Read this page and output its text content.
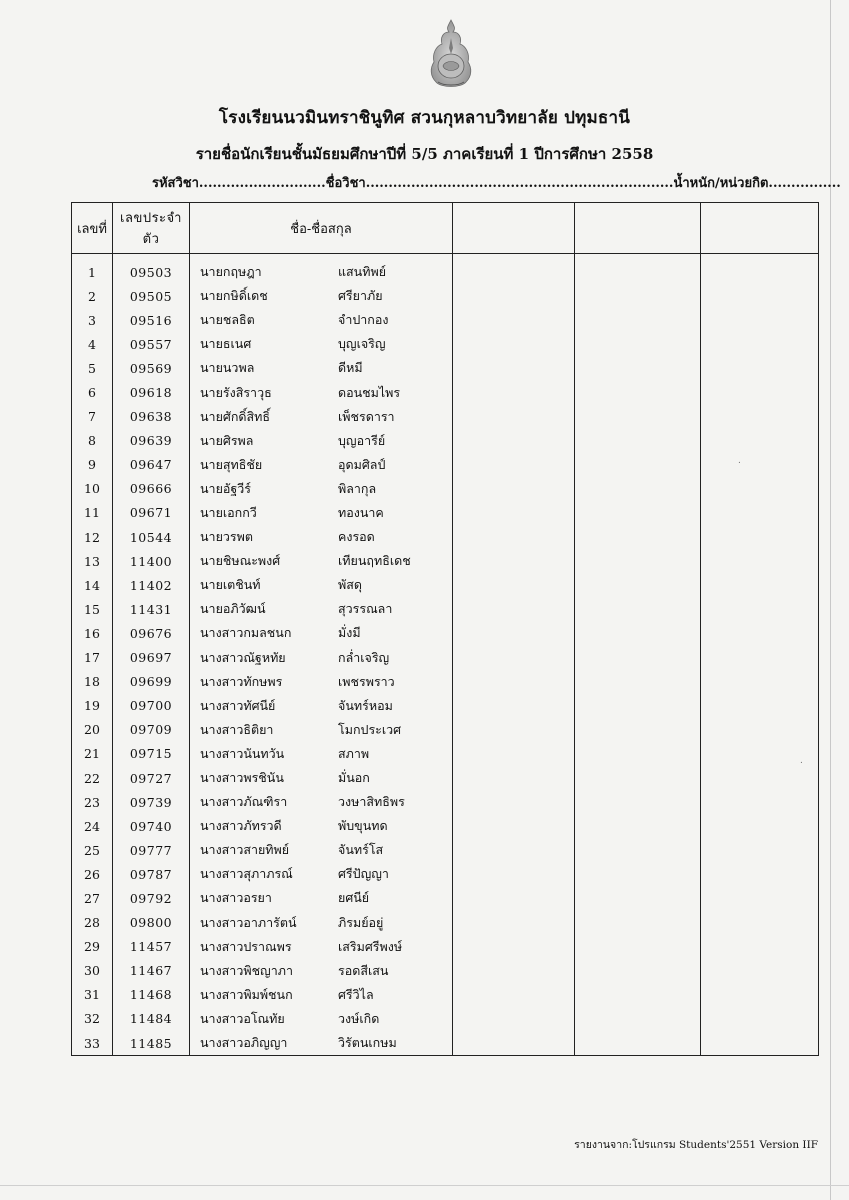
โรงเรียนนวมินทราชินูทิศ สวนกุหลาบวิทยาลัย ปทุมธานี
รายชื่อนักเรียนชั้นมัธยมศึกษาปีที่ 5/5 ภาคเรียนที่ 1 ปีการศึกษา 2558
รหัสวิชา............................ชื่อวิชา....................................................................น้ำหนัก/หน่วยกิต................
เลขที่	เลขประจำตัว	ชื่อ-ชื่อสกุล			

1	09503	นายกฤษฎา แสนทิพย์			
2	09505	นายกษิดิ์เดช ศรียาภัย			
3	09516	นายชลธิต จำปากอง			
4	09557	นายธเนศ บุญเจริญ			
5	09569	นายนวพล ดีหมี			
6	09618	นายรังสิราวุธ ดอนชมไพร			
7	09638	นายศักดิ์สิทธิ์ เพ็ชรดารา			
8	09639	นายศิรพล บุญอารีย์			
9	09647	นายสุทธิชัย อุดมศิลป์			
10	09666	นายอัฐวีร์ พิลากุล			
11	09671	นายเอกกวี ทองนาค			
12	10544	นายวรพต คงรอด			
13	11400	นายชิษณะพงศ์ เทียนฤทธิเดช			
14	11402	นายเตชินท์ พัสดุ			
15	11431	นายอภิวัฒน์ สุวรรณลา			
16	09676	นางสาวกมลชนก มั่งมี			
17	09697	นางสาวณัฐหทัย กล่ำเจริญ			
18	09699	นางสาวทักษพร เพชรพราว			
19	09700	นางสาวทัศนีย์ จันทร์หอม			
20	09709	นางสาวธิติยา โมกประเวศ			
21	09715	นางสาวนันทวัน สภาพ			
22	09727	นางสาวพรชินัน มั่นอก			
23	09739	นางสาวภัณฑิรา วงษาสิทธิพร			
24	09740	นางสาวภัทรวดี พับขุนทด			
25	09777	นางสาวสายทิพย์ จันทร์โส			
26	09787	นางสาวสุภาภรณ์ ศรีปัญญา			
27	09792	นางสาวอรยา ยศนีย์			
28	09800	นางสาวอาภารัตน์ ภิรมย์อยู่			
29	11457	นางสาวปราณพร เสริมศรีพงษ์			
30	11467	นางสาวพิชญาภา รอดสีเสน			
31	11468	นางสาวพิมพ์ชนก ศรีวิไล			
32	11484	นางสาวอโณทัย วงษ์เกิด			
33	11485	นางสาวอภิญญา วิรัตนเกษม			
.
.
รายงานจาก:โปรแกรม Students'2551 Version IIF
